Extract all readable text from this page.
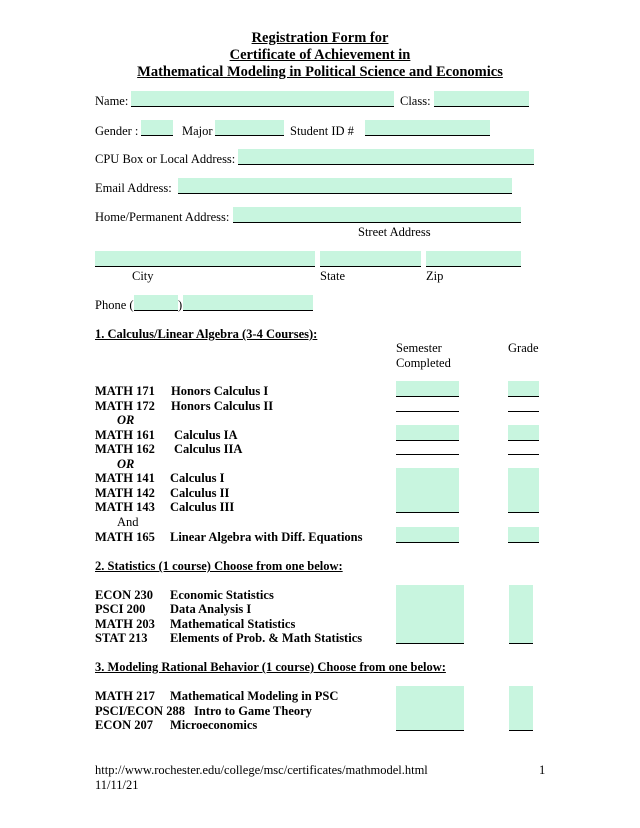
Registration Form for
Certificate of Achievement in
Mathematical Modeling in Political Science and Economics
Name:	Class:
Gender :	Major	Student ID #
CPU Box or Local Address:
Email Address:
Home/Permanent Address:
Street Address
City	State	Zip
Phone (	)
1. Calculus/Linear Algebra (3-4 Courses):
Semester
Completed
Grade
MATH 171 Honors Calculus I
MATH 172 Honors Calculus II
OR
MATH 161 Calculus IA
MATH 162 Calculus IIA
OR
MATH 141 Calculus I
MATH 142 Calculus II
MATH 143 Calculus III
And
MATH 165 Linear Algebra with Diff. Equations
2. Statistics (1 course) Choose from one below:
ECON 230 Economic Statistics
PSCI 200 Data Analysis I
MATH 203 Mathematical Statistics
STAT 213 Elements of Prob. & Math Statistics
3. Modeling Rational Behavior (1 course) Choose from one below:
MATH 217 Mathematical Modeling in PSC
PSCI/ECON 288 Intro to Game Theory
ECON 207 Microeconomics
http://www.rochester.edu/college/msc/certificates/mathmodel.html
11/11/21
1
